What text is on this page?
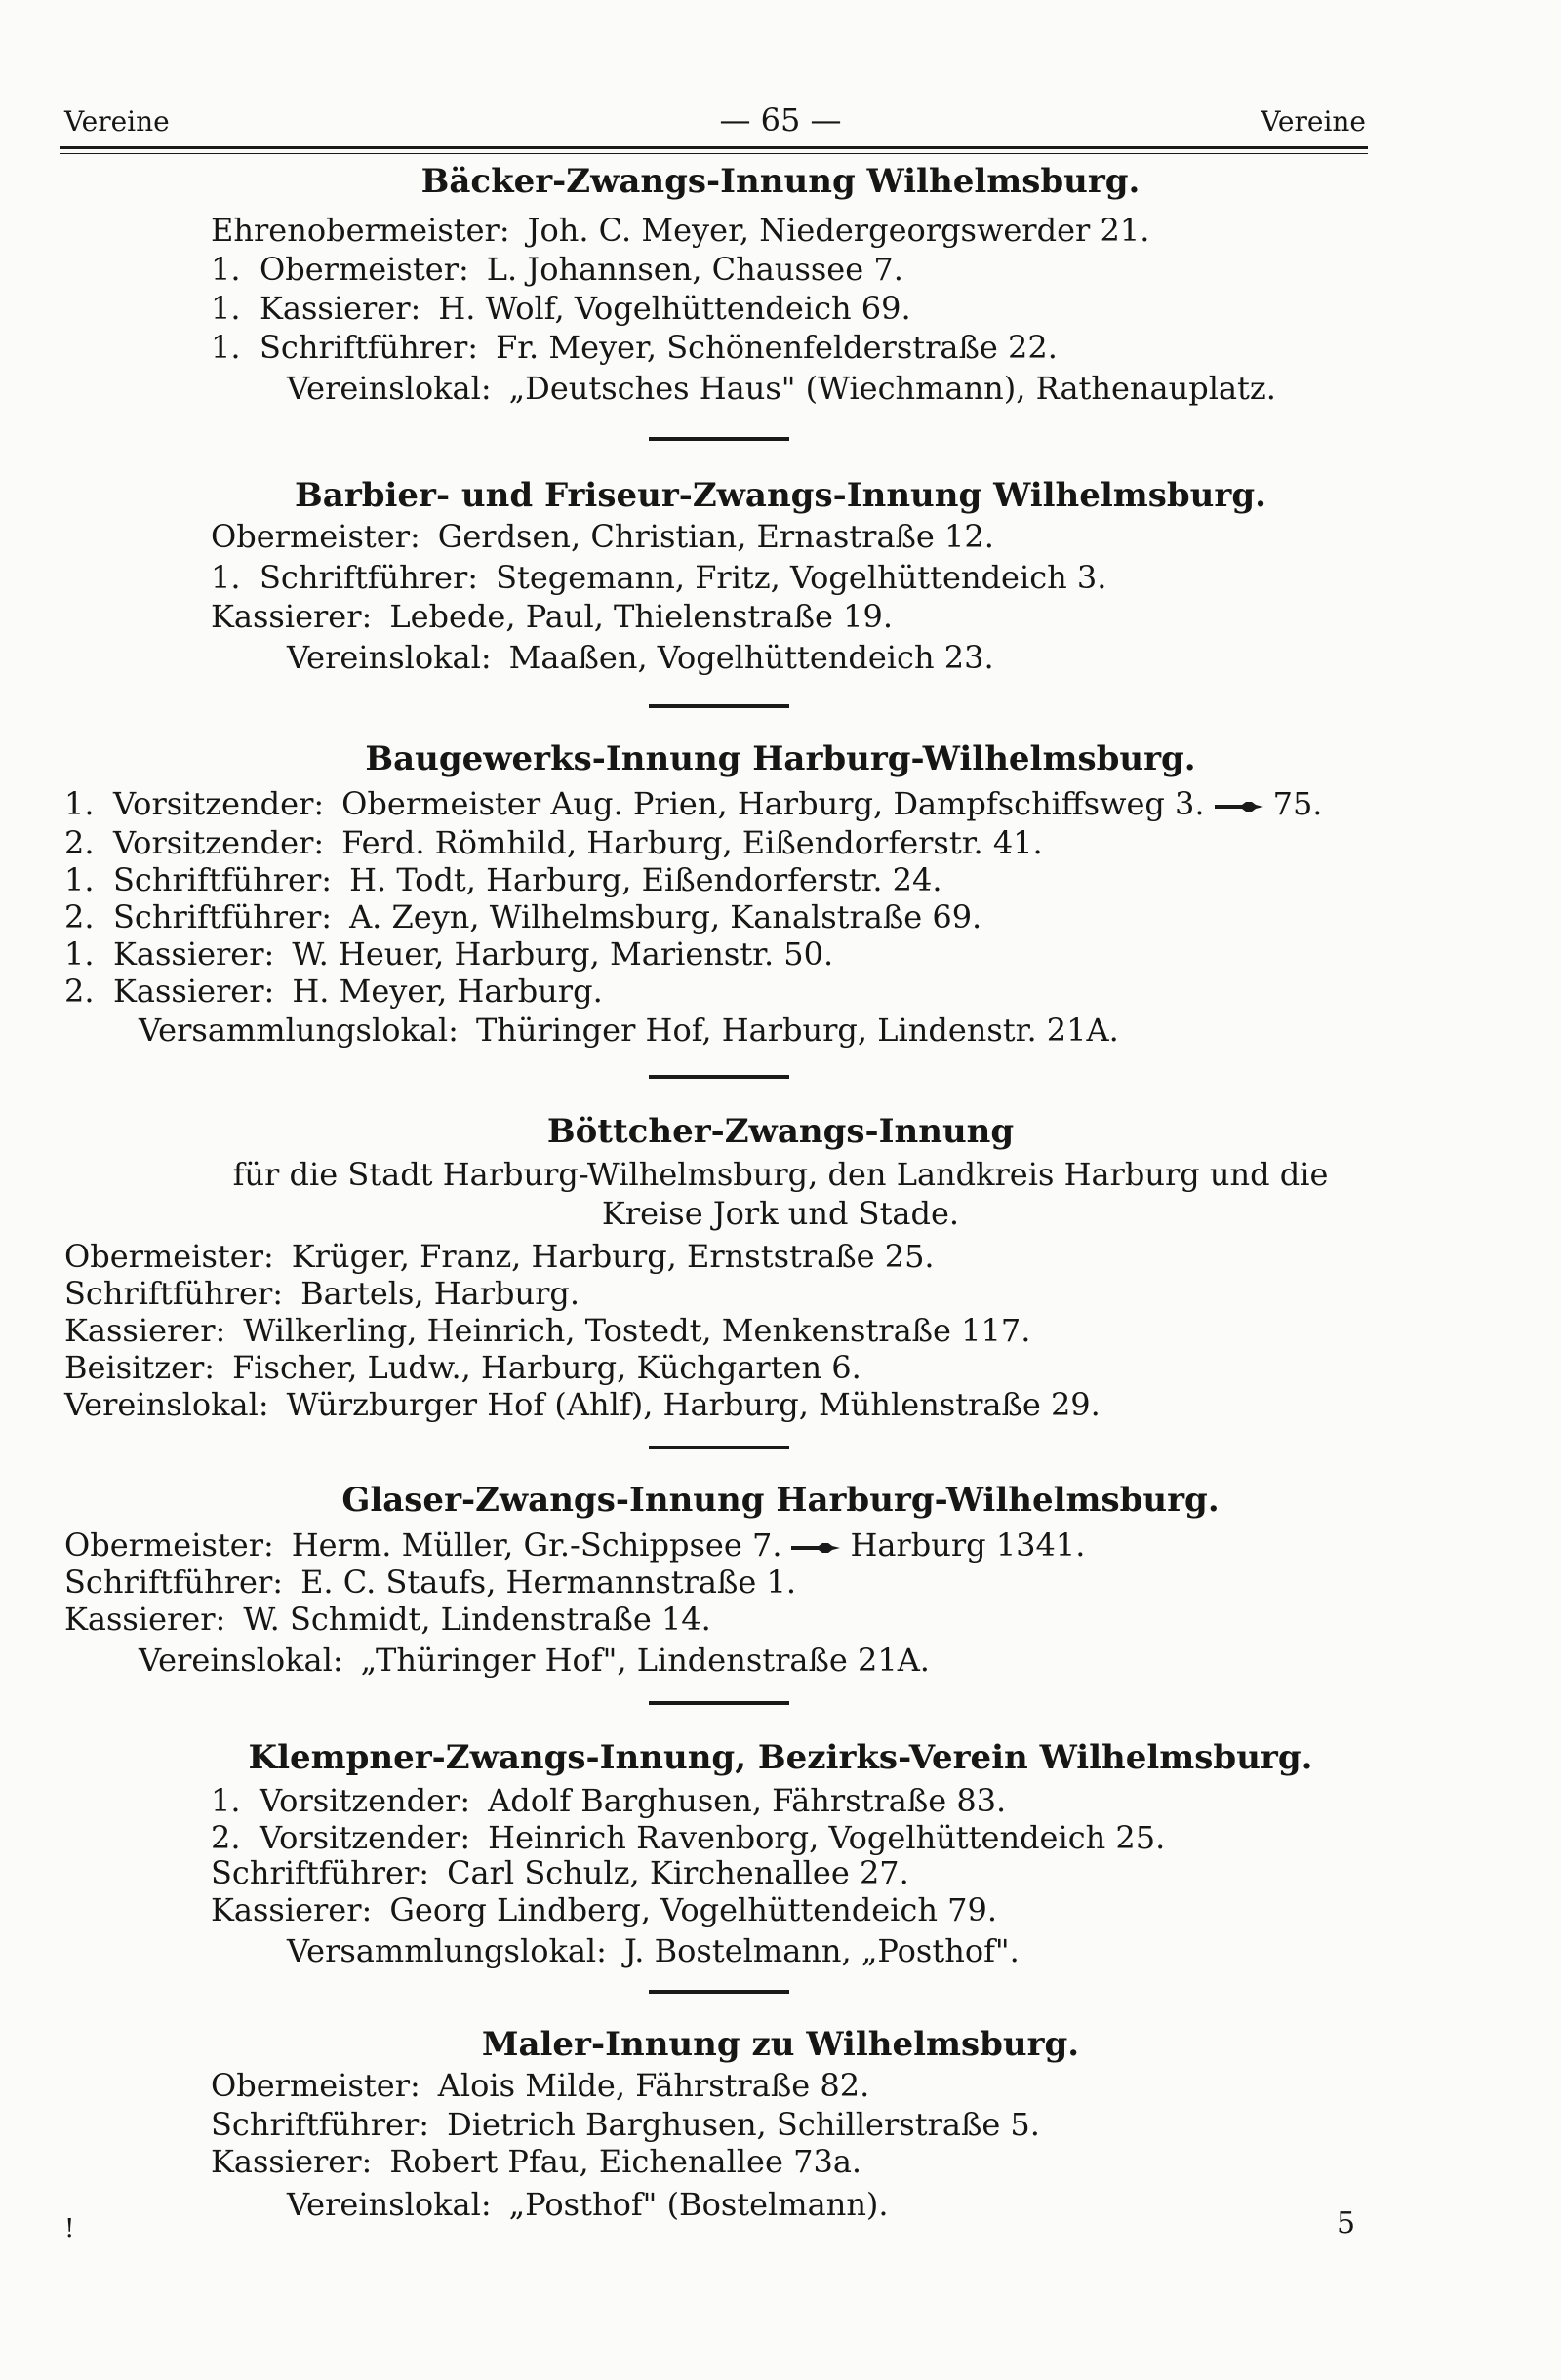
Vereine	— 65 —	Vereine
Bäcker-Zwangs-Innung Wilhelmsburg.
Ehrenobermeister: Joh. C. Meyer, Niedergeorgswerder 21.
1. Obermeister: L. Johannsen, Chaussee 7.
1. Kassierer: H. Wolf, Vogelhüttendeich 69.
1. Schriftführer: Fr. Meyer, Schönenfelderstraße 22.
Vereinslokal: „Deutsches Haus" (Wiechmann), Rathenauplatz.
Barbier- und Friseur-Zwangs-Innung Wilhelmsburg.
Obermeister: Gerdsen, Christian, Ernastraße 12.
1. Schriftführer: Stegemann, Fritz, Vogelhüttendeich 3.
Kassierer: Lebede, Paul, Thielenstraße 19.
Vereinslokal: Maaßen, Vogelhüttendeich 23.
Baugewerks-Innung Harburg-Wilhelmsburg.
1. Vorsitzender: Obermeister Aug. Prien, Harburg, Dampfschiffsweg 3. 75.
2. Vorsitzender: Ferd. Römhild, Harburg, Eißendorferstr. 41.
1. Schriftführer: H. Todt, Harburg, Eißendorferstr. 24.
2. Schriftführer: A. Zeyn, Wilhelmsburg, Kanalstraße 69.
1. Kassierer: W. Heuer, Harburg, Marienstr. 50.
2. Kassierer: H. Meyer, Harburg.
Versammlungslokal: Thüringer Hof, Harburg, Lindenstr. 21A.
Böttcher-Zwangs-Innung
für die Stadt Harburg-Wilhelmsburg, den Landkreis Harburg und die
Kreise Jork und Stade.
Obermeister: Krüger, Franz, Harburg, Ernststraße 25.
Schriftführer: Bartels, Harburg.
Kassierer: Wilkerling, Heinrich, Tostedt, Menkenstraße 117.
Beisitzer: Fischer, Ludw., Harburg, Küchgarten 6.
Vereinslokal: Würzburger Hof (Ahlf), Harburg, Mühlenstraße 29.
Glaser-Zwangs-Innung Harburg-Wilhelmsburg.
Obermeister: Herm. Müller, Gr.-Schippsee 7. Harburg 1341.
Schriftführer: E. C. Staufs, Hermannstraße 1.
Kassierer: W. Schmidt, Lindenstraße 14.
Vereinslokal: „Thüringer Hof", Lindenstraße 21A.
Klempner-Zwangs-Innung, Bezirks-Verein Wilhelmsburg.
1. Vorsitzender: Adolf Barghusen, Fährstraße 83.
2. Vorsitzender: Heinrich Ravenborg, Vogelhüttendeich 25.
Schriftführer: Carl Schulz, Kirchenallee 27.
Kassierer: Georg Lindberg, Vogelhüttendeich 79.
Versammlungslokal: J. Bostelmann, „Posthof".
Maler-Innung zu Wilhelmsburg.
Obermeister: Alois Milde, Fährstraße 82.
Schriftführer: Dietrich Barghusen, Schillerstraße 5.
Kassierer: Robert Pfau, Eichenallee 73a.
Vereinslokal: „Posthof" (Bostelmann).
!	5
